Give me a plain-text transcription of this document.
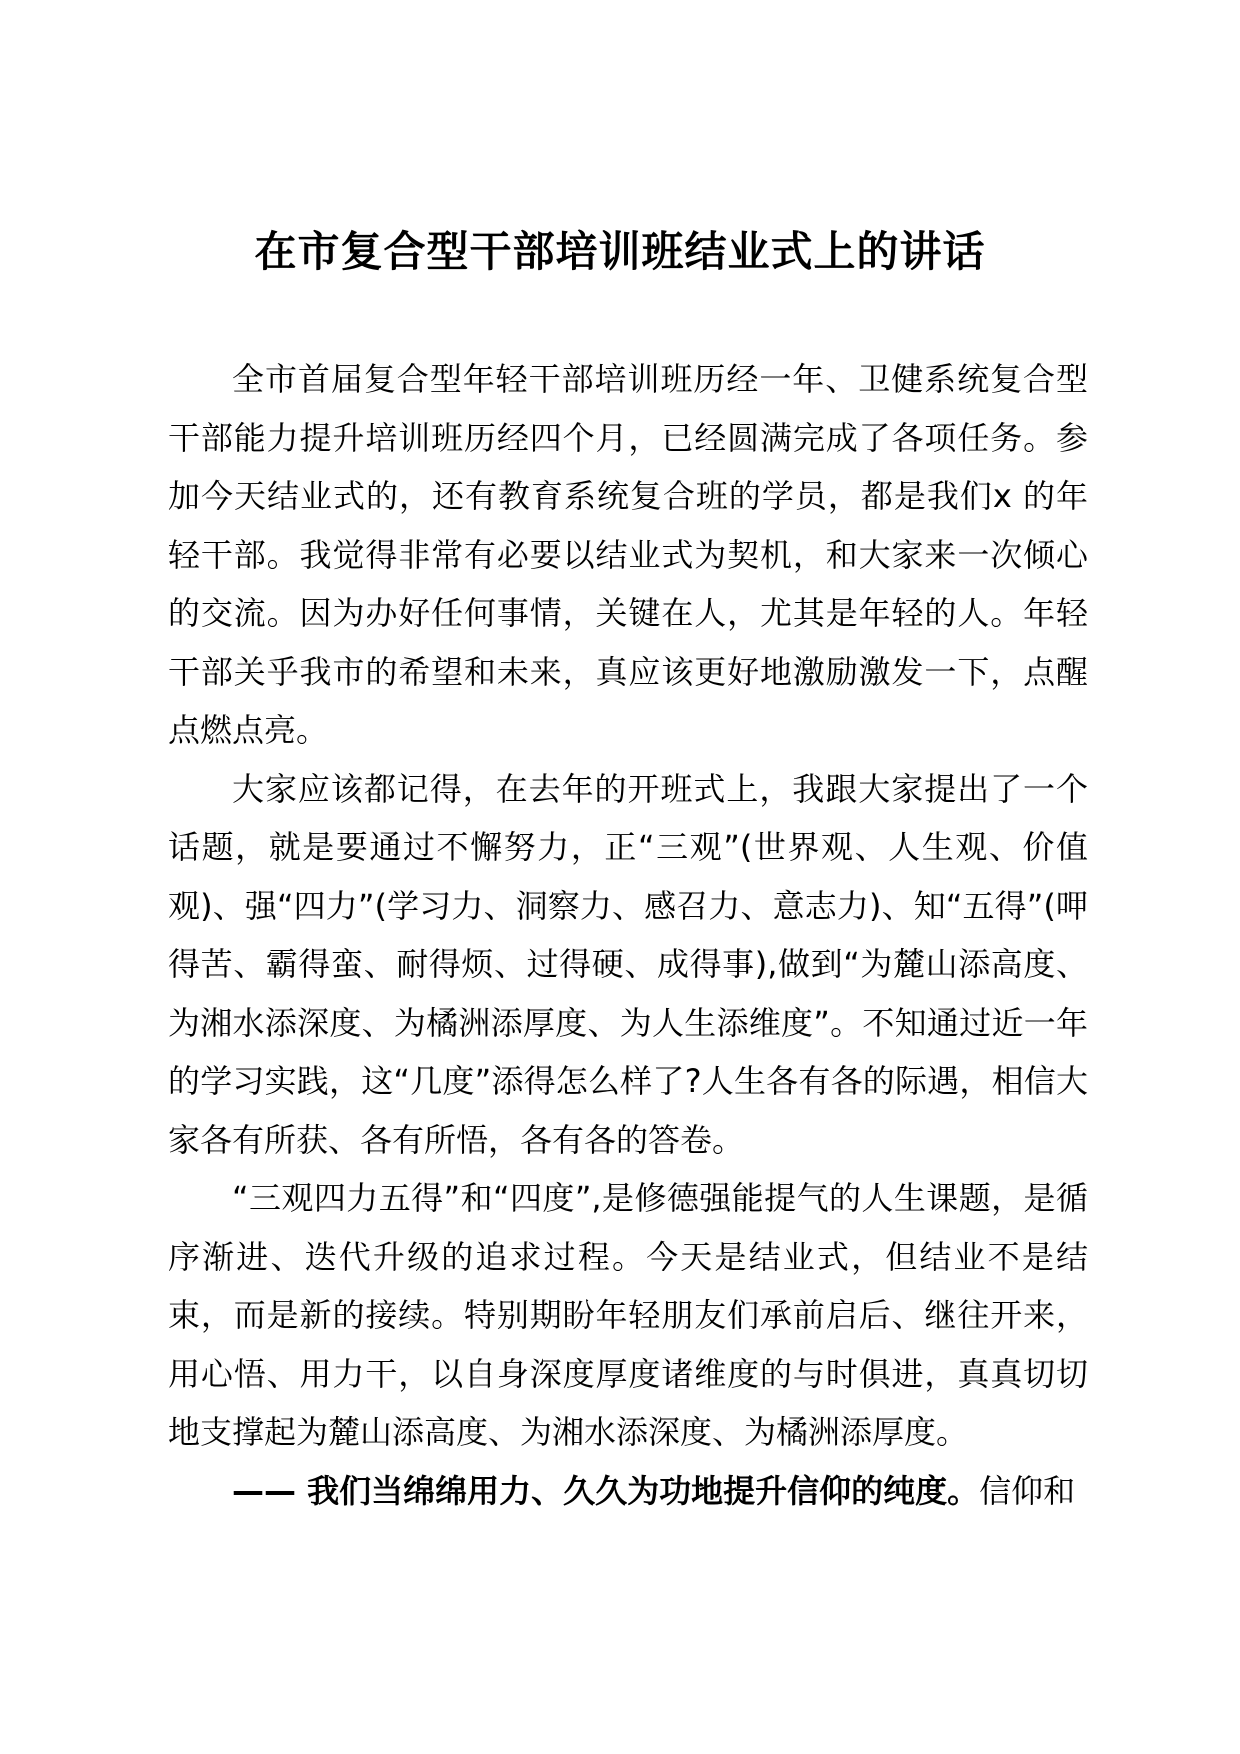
在市复合型干部培训班结业式上的讲话

全市首届复合型年轻干部培训班历经一年、卫健系统复合型干部能力提升培训班历经四个月，已经圆满完成了各项任务。参加今天结业式的，还有教育系统复合班的学员，都是我们x 的年轻干部。我觉得非常有必要以结业式为契机，和大家来一次倾心的交流。因为办好任何事情，关键在人，尤其是年轻的人。年轻干部关乎我市的希望和未来，真应该更好地激励激发一下，点醒点燃点亮。

大家应该都记得，在去年的开班式上，我跟大家提出了一个话题，就是要通过不懈努力，正“三观”(世界观、人生观、价值观)、强“四力”(学习力、洞察力、感召力、意志力)、知“五得”(呷得苦、霸得蛮、耐得烦、过得硬、成得事),做到“为麓山添高度、为湘水添深度、为橘洲添厚度、为人生添维度”。不知通过近一年的学习实践，这“几度”添得怎么样了?人生各有各的际遇，相信大家各有所获、各有所悟，各有各的答卷。

“三观四力五得”和“四度”,是修德强能提气的人生课题，是循序渐进、迭代升级的追求过程。今天是结业式，但结业不是结束，而是新的接续。特别期盼年轻朋友们承前启后、继往开来，用心悟、用力干，以自身深度厚度诸维度的与时俱进，真真切切地支撑起为麓山添高度、为湘水添深度、为橘洲添厚度。

—— 我们当绵绵用力、久久为功地提升信仰的纯度。信仰和
